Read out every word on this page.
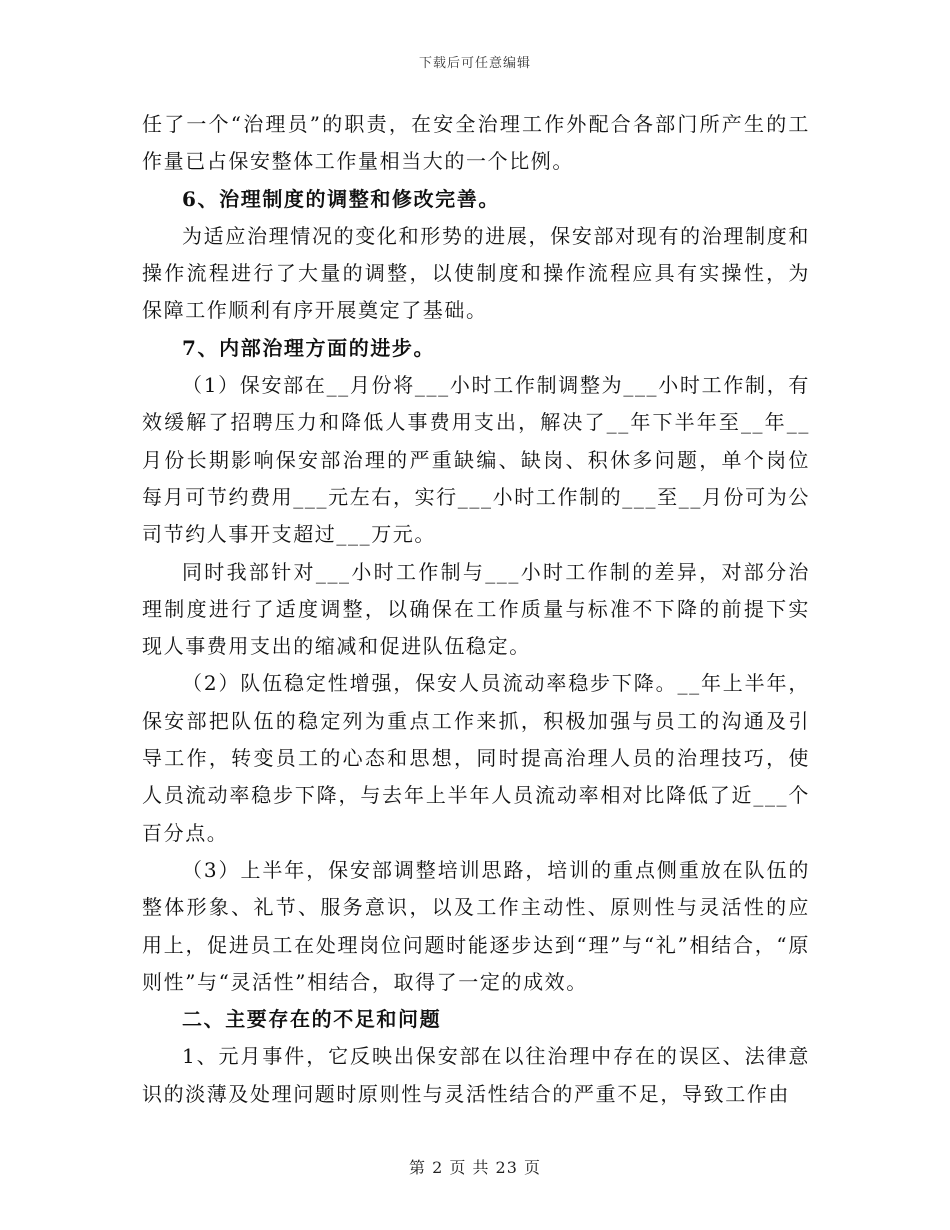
下载后可任意编辑

任了一个“治理员”的职责，在安全治理工作外配合各部门所产生的工作量已占保安整体工作量相当大的一个比例。

6、治理制度的调整和修改完善。

为适应治理情况的变化和形势的进展，保安部对现有的治理制度和操作流程进行了大量的调整，以使制度和操作流程应具有实操性，为保障工作顺利有序开展奠定了基础。

7、内部治理方面的进步。

（1）保安部在__月份将___小时工作制调整为___小时工作制，有效缓解了招聘压力和降低人事费用支出，解决了__年下半年至__年__月份长期影响保安部治理的严重缺编、缺岗、积休多问题，单个岗位每月可节约费用___元左右，实行___小时工作制的___至__月份可为公司节约人事开支超过___万元。

同时我部针对___小时工作制与___小时工作制的差异，对部分治理制度进行了适度调整，以确保在工作质量与标准不下降的前提下实现人事费用支出的缩减和促进队伍稳定。

（2）队伍稳定性增强，保安人员流动率稳步下降。__年上半年，保安部把队伍的稳定列为重点工作来抓，积极加强与员工的沟通及引导工作，转变员工的心态和思想，同时提高治理人员的治理技巧，使人员流动率稳步下降，与去年上半年人员流动率相对比降低了近___个百分点。

（3）上半年，保安部调整培训思路，培训的重点侧重放在队伍的整体形象、礼节、服务意识，以及工作主动性、原则性与灵活性的应用上，促进员工在处理岗位问题时能逐步达到“理”与“礼”相结合，“原则性”与“灵活性”相结合，取得了一定的成效。

二、主要存在的不足和问题

1、元月事件，它反映出保安部在以往治理中存在的误区、法律意识的淡薄及处理问题时原则性与灵活性结合的严重不足，导致工作由

第 2 页 共 23 页
